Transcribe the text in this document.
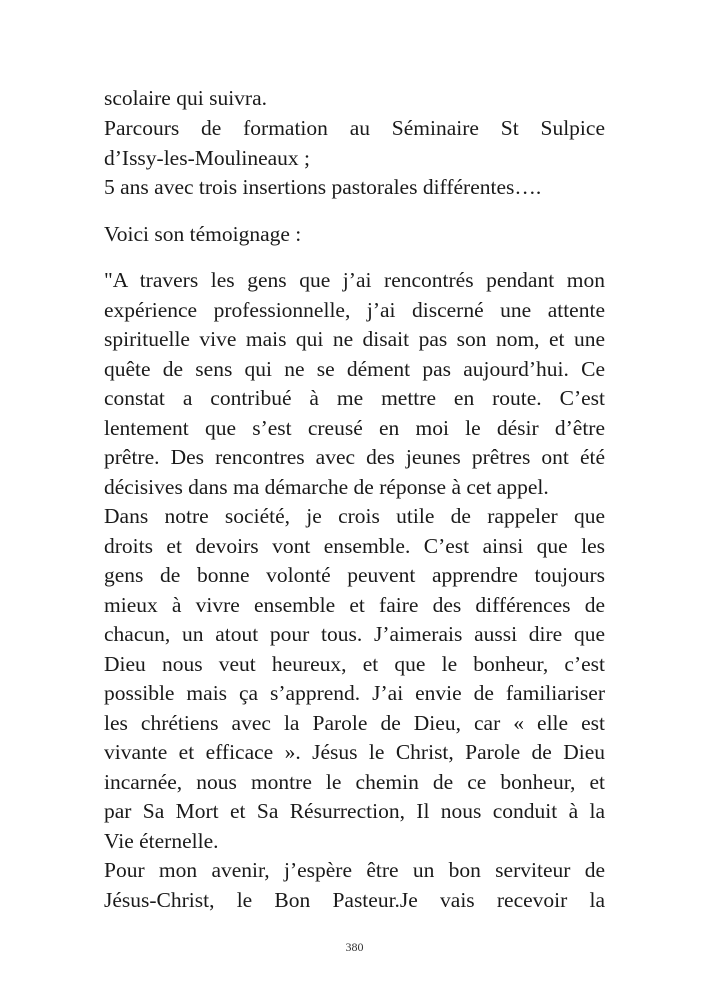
scolaire qui suivra.
Parcours de formation au Séminaire St Sulpice
d’Issy-les-Moulineaux ;
5 ans avec trois insertions pastorales différentes….
Voici son témoignage :
"A travers les gens que j’ai rencontrés pendant mon
expérience professionnelle, j’ai discerné une attente
spirituelle vive mais qui ne disait pas son nom, et une
quête de sens qui ne se dément pas aujourd’hui. Ce
constat a contribué à me mettre en route. C’est
lentement que s’est creusé en moi le désir d’être
prêtre. Des rencontres avec des jeunes prêtres ont été
décisives dans ma démarche de réponse à cet appel.
Dans notre société, je crois utile de rappeler que
droits et devoirs vont ensemble. C’est ainsi que les
gens de bonne volonté peuvent apprendre toujours
mieux à vivre ensemble et faire des différences de
chacun, un atout pour tous. J’aimerais aussi dire que
Dieu nous veut heureux, et que le bonheur, c’est
possible mais ça s’apprend. J’ai envie de familiariser
les chrétiens avec la Parole de Dieu, car « elle est
vivante et efficace ». Jésus le Christ, Parole de Dieu
incarnée, nous montre le chemin de ce bonheur, et
par Sa Mort et Sa Résurrection, Il nous conduit à la
Vie éternelle.
Pour mon avenir, j’espère être un bon serviteur de
Jésus-Christ, le Bon Pasteur.Je vais recevoir la
380
